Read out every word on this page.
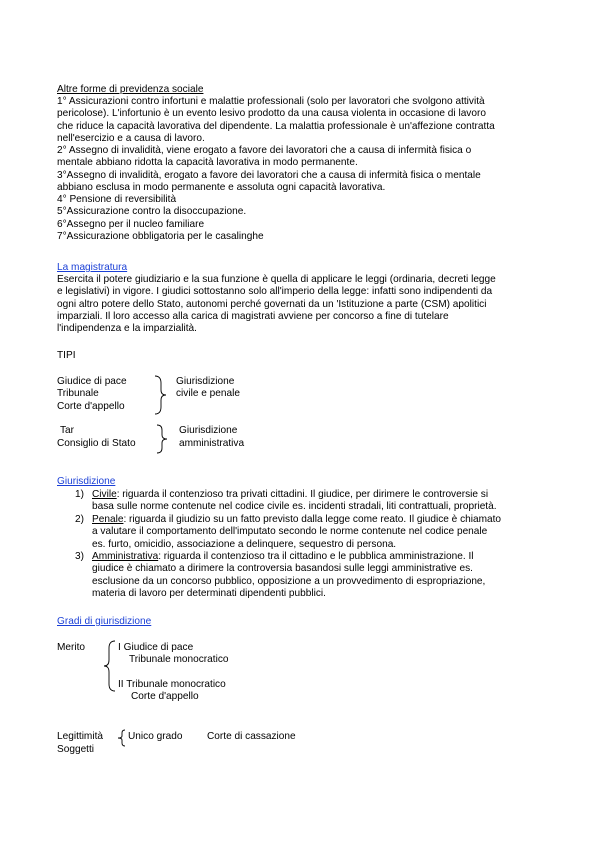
Altre forme di previdenza sociale
1° Assicurazioni contro infortuni e malattie professionali (solo per lavoratori che svolgono attività
pericolose). L'infortunio è un evento lesivo prodotto da una causa violenta in occasione di lavoro
che riduce la capacità lavorativa del dipendente. La malattia professionale è un'affezione contratta
nell'esercizio e a causa di lavoro.
2° Assegno di invalidità, viene erogato a favore dei lavoratori che a causa di infermità fisica o
mentale abbiano ridotta la capacità lavorativa in modo permanente.
3°Assegno di invalidità, erogato a favore dei lavoratori che a causa di infermità fisica o mentale
abbiano esclusa in modo permanente e assoluta ogni capacità lavorativa.
4° Pensione di reversibilità
5°Assicurazione contro la disoccupazione.
6°Assegno per il nucleo familiare
7°Assicurazione obbligatoria per le casalinghe
La magistratura
Esercita il potere giudiziario e la sua funzione è quella di applicare le leggi (ordinaria, decreti legge
e legislativi) in vigore. I giudici sottostanno solo all'imperio della legge: infatti sono indipendenti da
ogni altro potere dello Stato, autonomi perché governati da un 'Istituzione a parte (CSM) apolitici
imparziali. Il loro accesso alla carica di magistrati avviene per concorso a fine di tutelare
l'indipendenza e la imparzialità.
TIPI
Giudice di pace
Tribunale
Corte d'appello
Giurisdizione
civile e penale
Tar
Consiglio di Stato
Giurisdizione
amministrativa
Giurisdizione
1) Civile: riguarda il contenzioso tra privati cittadini. Il giudice, per dirimere le controversie si
basa sulle norme contenute nel codice civile es. incidenti stradali, liti contrattuali, proprietà.
2) Penale: riguarda il giudizio su un fatto previsto dalla legge come reato. Il giudice è chiamato
a valutare il comportamento dell'imputato secondo le norme contenute nel codice penale
es. furto, omicidio, associazione a delinquere, sequestro di persona.
3) Amministrativa: riguarda il contenzioso tra il cittadino e le pubblica amministrazione. Il
giudice è chiamato a dirimere la controversia basandosi sulle leggi amministrative es.
esclusione da un concorso pubblico, opposizione a un provvedimento di espropriazione,
materia di lavoro per determinati dipendenti pubblici.
Gradi di giurisdizione
Merito	I Giudice di pace
Tribunale monocratico
II Tribunale monocratico
Corte d'appello
Legittimità Unico grado Corte di cassazione
Soggetti
